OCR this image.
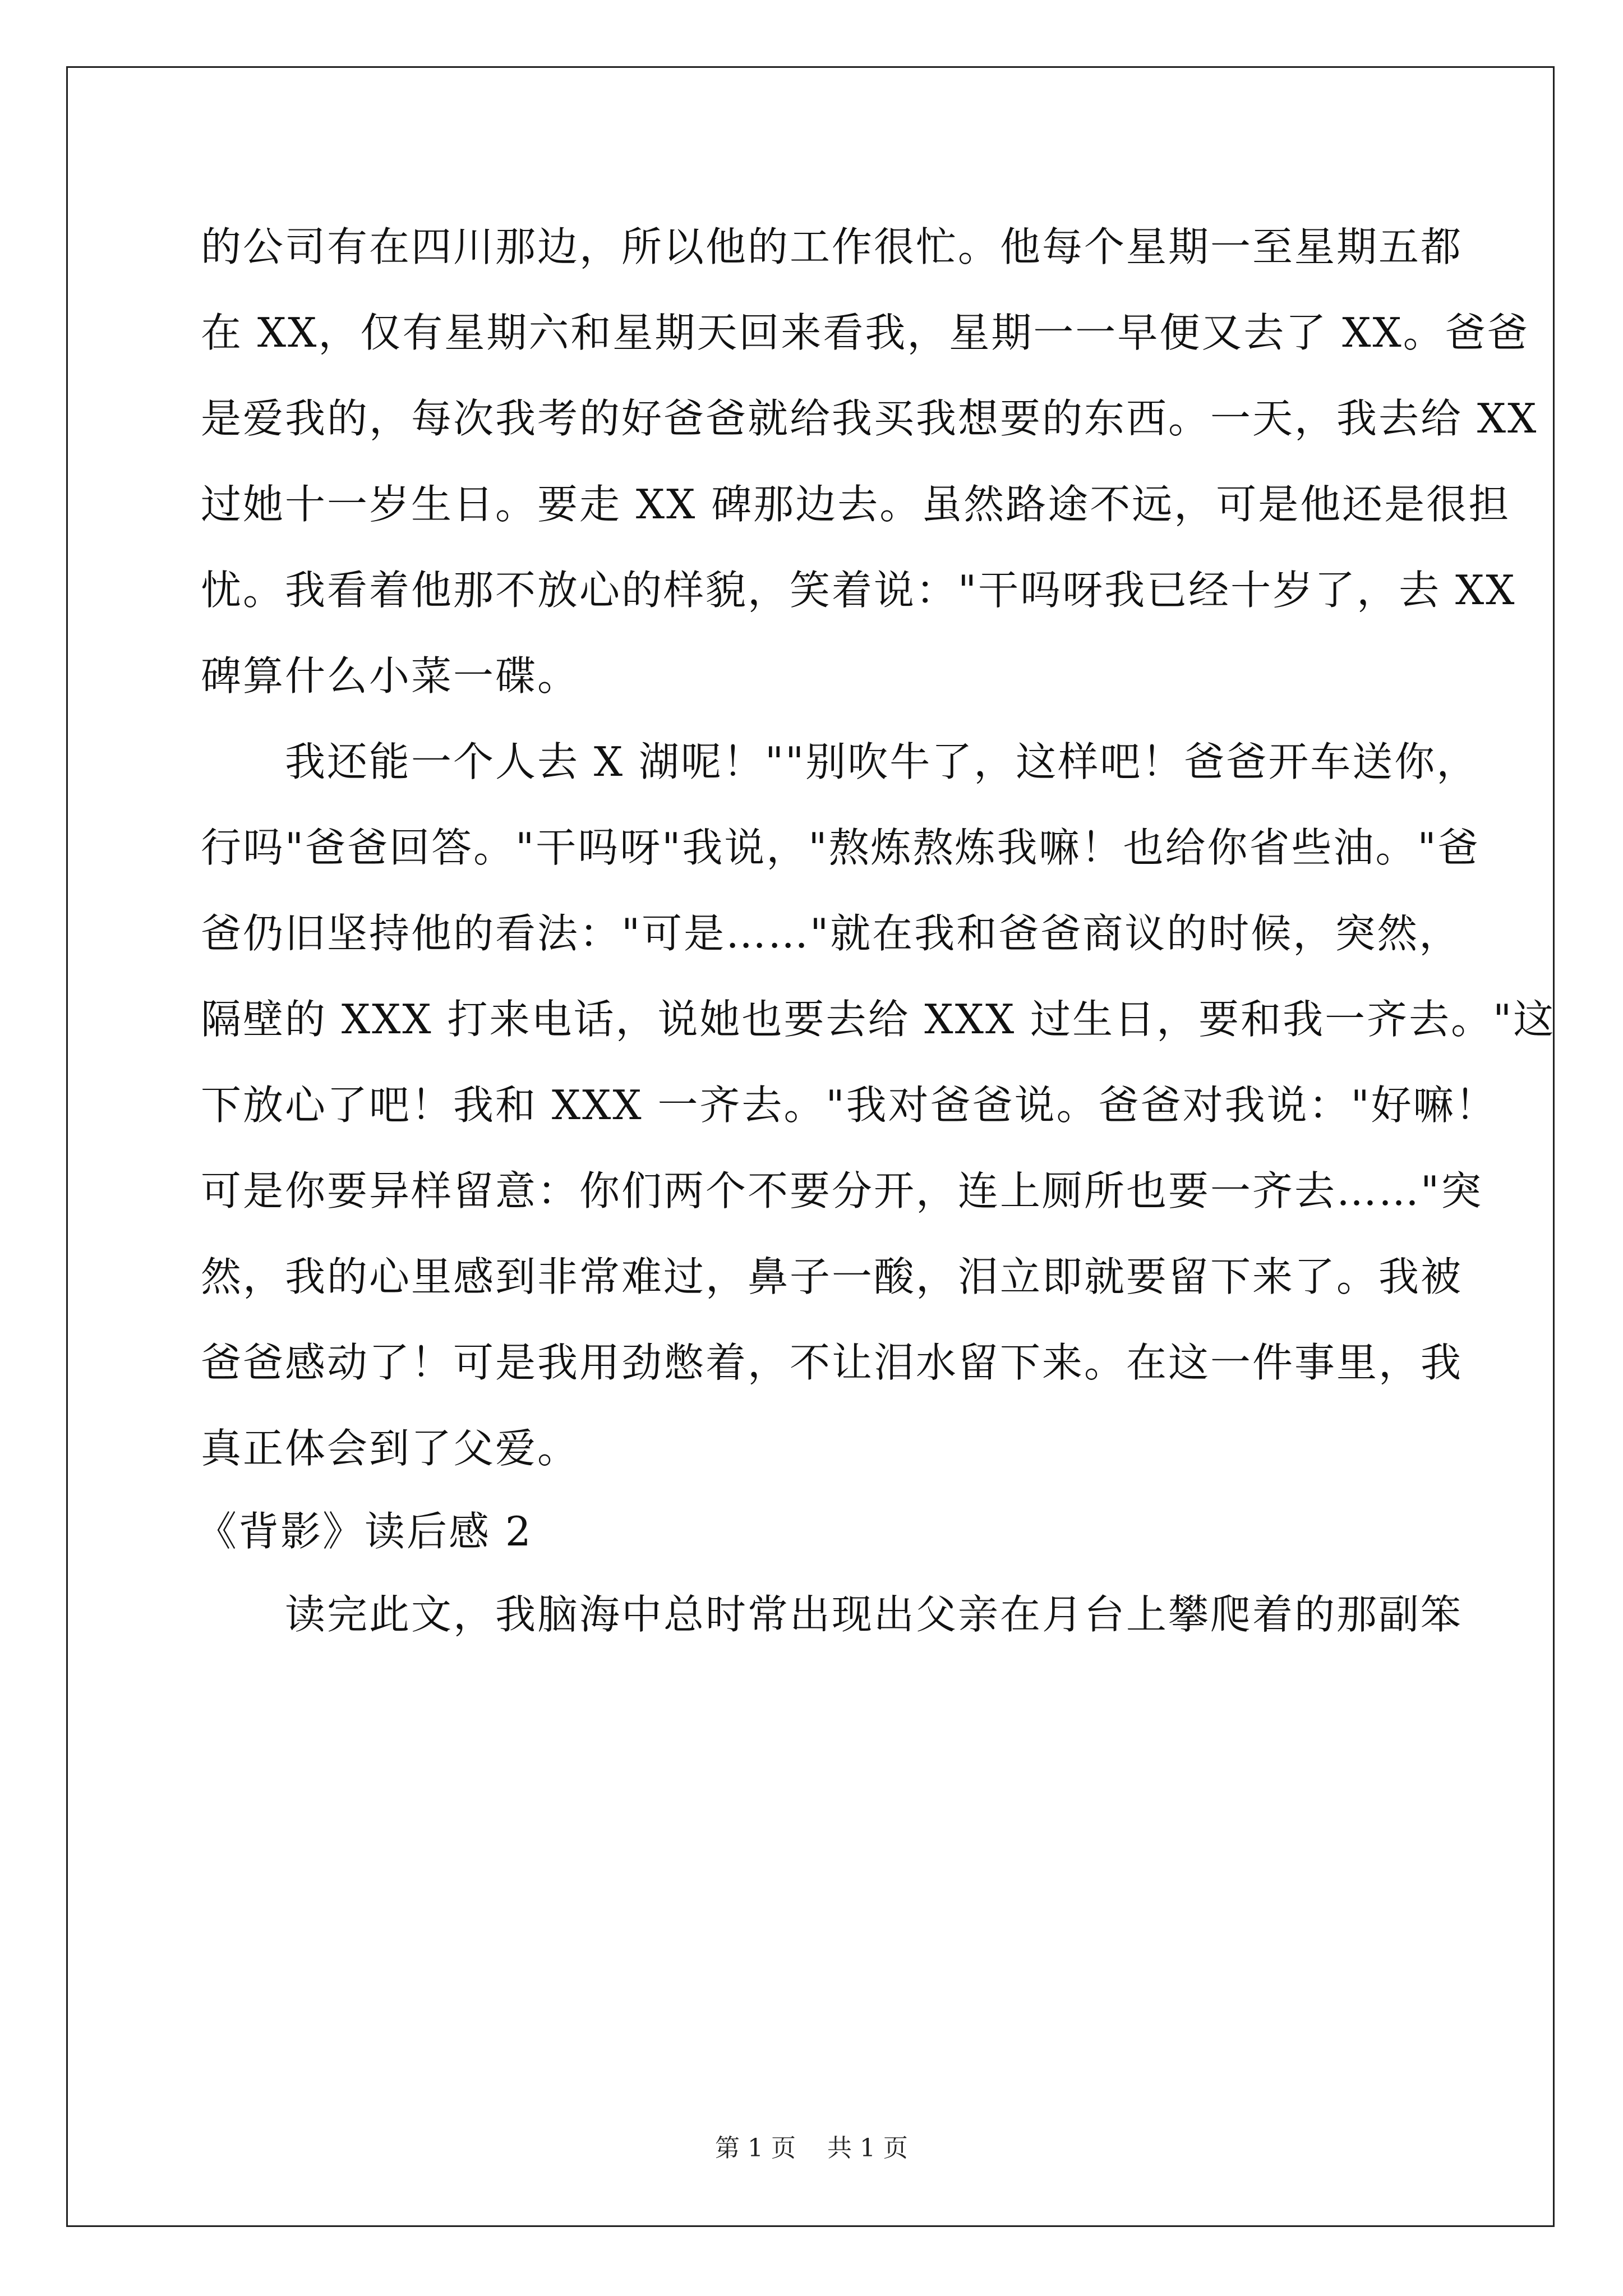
的公司有在四川那边，所以他的工作很忙。他每个星期一至星期五都
在 XX，仅有星期六和星期天回来看我，星期一一早便又去了 XX。爸爸
是爱我的，每次我考的好爸爸就给我买我想要的东西。一天，我去给 XX
过她十一岁生日。要走 XX 碑那边去。虽然路途不远，可是他还是很担
忧。我看着他那不放心的样貌，笑着说："干吗呀我已经十岁了，去 XX
碑算什么小菜一碟。
我还能一个人去 X 湖呢！""别吹牛了，这样吧！爸爸开车送你，
行吗"爸爸回答。"干吗呀"我说，"熬炼熬炼我嘛！也给你省些油。"爸
爸仍旧坚持他的看法："可是……"就在我和爸爸商议的时候，突然，
隔壁的 XXX 打来电话，说她也要去给 XXX 过生日，要和我一齐去。"这
下放心了吧！我和 XXX 一齐去。"我对爸爸说。爸爸对我说："好嘛！
可是你要异样留意：你们两个不要分开，连上厕所也要一齐去……"突
然，我的心里感到非常难过，鼻子一酸，泪立即就要留下来了。我被
爸爸感动了！可是我用劲憋着，不让泪水留下来。在这一件事里，我
真正体会到了父爱。
《背影》读后感 2
读完此文，我脑海中总时常出现出父亲在月台上攀爬着的那副笨
第 1 页    共 1 页
